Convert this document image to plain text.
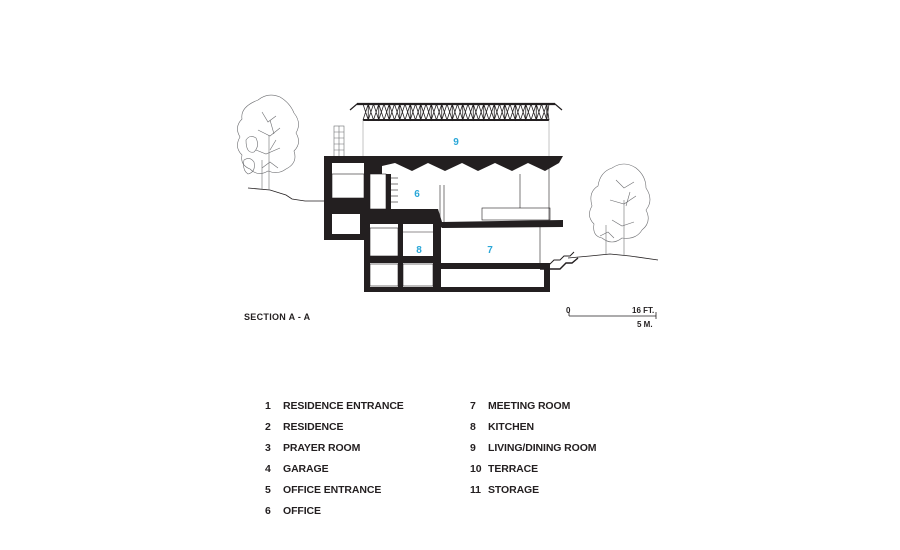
9
6
8	7
SECTION A - A
0	16 FT.
5 M.
1	RESIDENCE ENTRANCE
2	RESIDENCE
3	PRAYER ROOM
4	GARAGE
5	OFFICE ENTRANCE
6	OFFICE
7	MEETING ROOM
8	KITCHEN
9	LIVING/DINING ROOM
10 TERRACE
11 STORAGE
